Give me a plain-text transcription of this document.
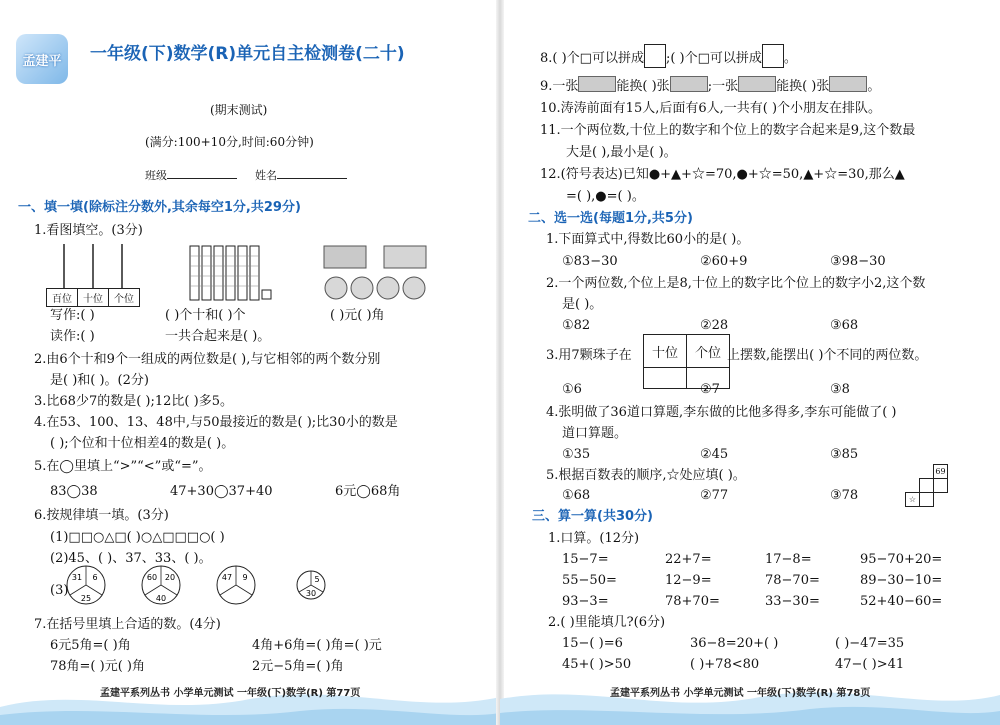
孟建平 一年级(下)数学(R)单元自主检测卷(二十)
(期末测试)
(满分:100+10分,时间:60分钟)
班级	姓名
一、填一填(除标注分数外,其余每空1分,共29分)
1.看图填空。(3分)
百位	十位	个位
写作:( )	( )个十和( )个	( )元( )角
读作:( )	一共合起来是( )。
2.由6个十和9个一组成的两位数是( ),与它相邻的两个数分别
是( )和( )。(2分)
3.比68少7的数是( );12比( )多5。
4.在53、100、13、48中,与50最接近的数是( );比30小的数是
( );个位和十位相差4的数是( )。
5.在◯里填上“>”“<”或“=”。
83◯38	47+30◯37+40	6元◯68角
6.按规律填一填。(3分)
(1)□□○△□( )○△□□□○( )
(2)45、( )、37、33、( )。
(3)
31 6
25
60 20
40
47 9	5
30
7.在括号里填上合适的数。(4分)
6元5角=( )角	4角+6角=( )角=( )元
78角=( )元( )角	2元−5角=( )角
孟建平系列丛书 小学单元测试 一年级(下)数学(R) 第77页
8.( )个□可以拼成 ;( )个□可以拼成 。
9.一张	能换( )张	;一张	能换( )张	。
10.涛涛前面有15人,后面有6人,一共有( )个小朋友在排队。
11.一个两位数,十位上的数字和个位上的数字合起来是9,这个数最
大是( ),最小是( )。
12.(符号表达)已知●+▲+☆=70,●+☆=50,▲+☆=30,那么▲
=( ),●=( )。
二、选一选(每题1分,共5分)
1.下面算式中,得数比60小的是( )。
①83−30	②60+9	③98−30
2.一个两位数,个位上是8,十位上的数字比个位上的数字小2,这个数
是( )。
①82	②28	③68
3.用7颗珠子在 十位	个位
	上摆数,能摆出( )个不同的两位数。
①6	②7	③8
4.张明做了36道口算题,李东做的比他多得多,李东可能做了( )
道口算题。
①35	②45	③85
5.根据百数表的顺序,☆处应填( )。
			69

☆		
①68	②77	③78
三、算一算(共30分)
1.口算。(12分)
15−7=	22+7=	17−8=	95−70+20=
55−50=	12−9=	78−70=	89−30−10=
93−3=	78+70=	33−30=	52+40−60=
2.( )里能填几?(6分)
15−( )=6	36−8=20+( )	( )−47=35
45+( )>50	( )+78<80	47−( )>41
孟建平系列丛书 小学单元测试 一年级(下)数学(R) 第78页
